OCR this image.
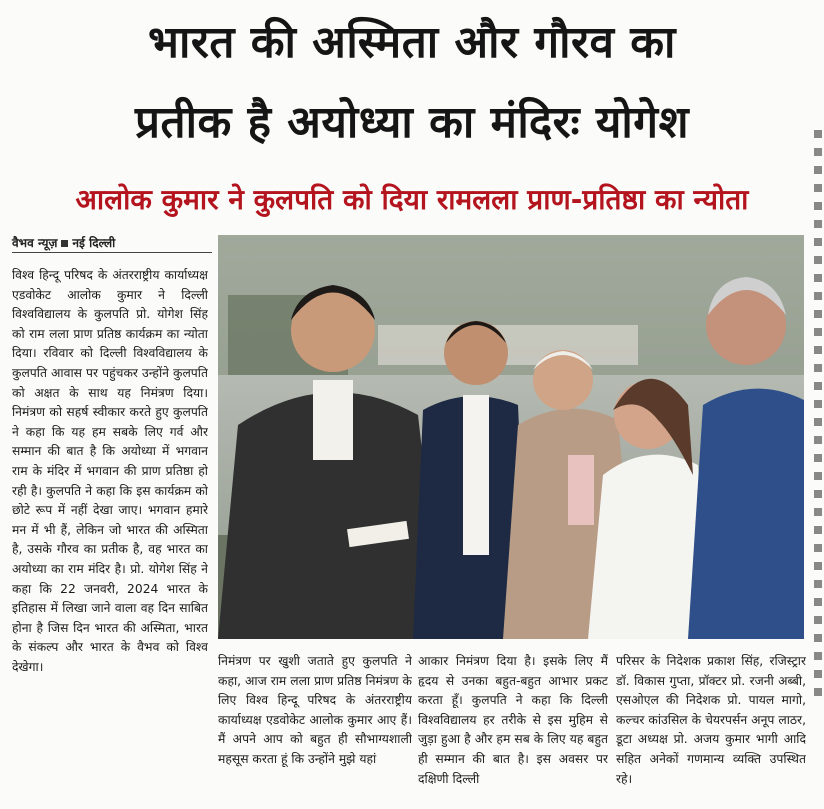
भारत की अस्मिता और गौरव का
प्रतीक है अयोध्या का मंदिरः योगेश
आलोक कुमार ने कुलपति को दिया रामलला प्राण-प्रतिष्ठा का न्योता
वैभव न्यूज़ नई दिल्ली
विश्व हिन्दू परिषद के अंतरराष्ट्रीय कार्याध्यक्ष एडवोकेट आलोक कुमार ने दिल्ली विश्वविद्यालय के कुलपति प्रो. योगेश सिंह को राम लला प्राण प्रतिष्ठ कार्यक्रम का न्योता दिया। रविवार को दिल्ली विश्वविद्यालय के कुलपति आवास पर पहुंचकर उन्होंने कुलपति को अक्षत के साथ यह निमंत्रण दिया। निमंत्रण को सहर्ष स्वीकार करते हुए कुलपति ने कहा कि यह हम सबके लिए गर्व और सम्मान की बात है कि अयोध्या में भगवान राम के मंदिर में भगवान की प्राण प्रतिष्ठा हो रही है। कुलपति ने कहा कि इस कार्यक्रम को छोटे रूप में नहीं देखा जाए। भगवान हमारे मन में भी हैं, लेकिन जो भारत की अस्मिता है, उसके गौरव का प्रतीक है, वह भारत का अयोध्या का राम मंदिर है। प्रो. योगेश सिंह ने कहा कि 22 जनवरी, 2024 भारत के इतिहास में लिखा जाने वाला वह दिन साबित होना है जिस दिन भारत की अस्मिता, भारत के संकल्प और भारत के वैभव को विश्व देखेगा।	निमंत्रण पर खुशी जताते हुए कुलपति ने कहा, आज राम लला प्राण प्रतिष्ठ निमंत्रण के लिए विश्व हिन्दू परिषद के अंतरराष्ट्रीय कार्याध्यक्ष एडवोकेट आलोक कुमार आए हैं। मैं अपने आप को बहुत ही सौभाग्यशाली महसूस करता हूं कि उन्होंने मुझे यहां
आकार निमंत्रण दिया है। इसके लिए मैं हृदय से उनका बहुत-बहुत आभार प्रकट करता हूँ। कुलपति ने कहा कि दिल्ली विश्वविद्यालय हर तरीके से इस मुहिम से जुड़ा हुआ है और हम सब के लिए यह बहुत ही सम्मान की बात है। इस अवसर पर दक्षिणी दिल्ली
परिसर के निदेशक प्रकाश सिंह, रजिस्ट्रार डॉ. विकास गुप्ता, प्रॉक्टर प्रो. रजनी अब्बी, एसओएल की निदेशक प्रो. पायल मागो, कल्चर कांउसिल के चेयरपर्सन अनूप लाठर, डूटा अध्यक्ष प्रो. अजय कुमार भागी आदि सहित अनेकों गणमान्य व्यक्ति उपस्थित रहे।
